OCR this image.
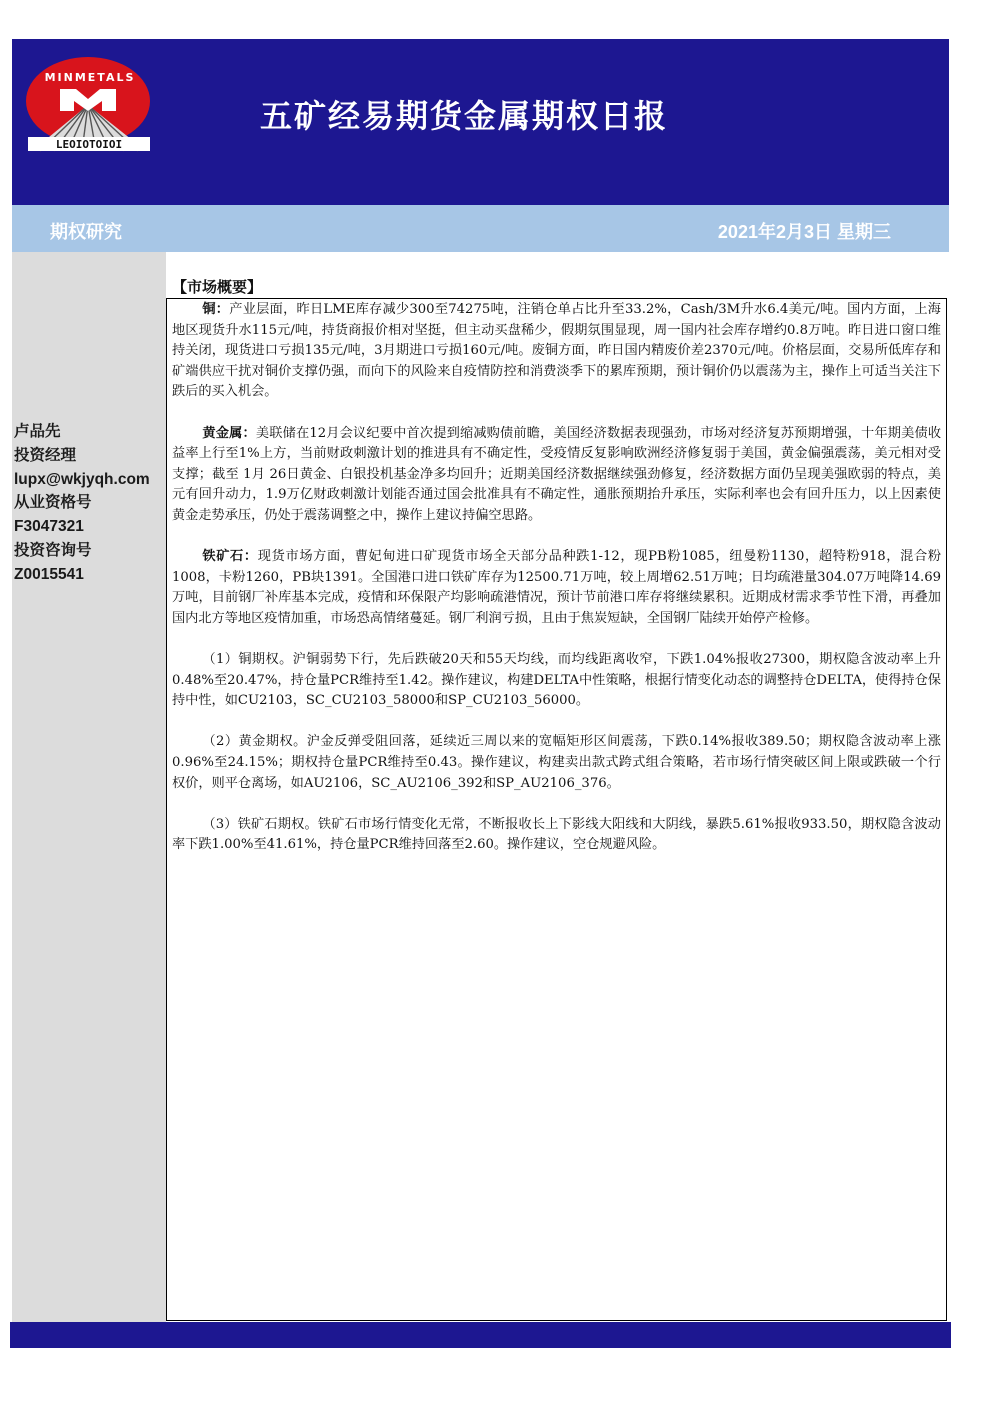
MINMETALS
LEOIOTOIOI
五矿经易期货金属期权日报
期权研究	2021年2月3日 星期三
卢品先
投资经理
lupx@wkjyqh.com
从业资格号
F3047321
投资咨询号
Z0015541
【市场概要】

铜：产业层面，昨日LME库存减少300至74275吨，注销仓单占比升至33.2%，Cash/3M升水6.4美元/吨。国内方面，上海地区现货升水115元/吨，持货商报价相对坚挺，但主动买盘稀少，假期氛围显现，周一国内社会库存增约0.8万吨。昨日进口窗口维持关闭，现货进口亏损135元/吨，3月期进口亏损160元/吨。废铜方面，昨日国内精废价差2370元/吨。价格层面，交易所低库存和矿端供应干扰对铜价支撑仍强，而向下的风险来自疫情防控和消费淡季下的累库预期，预计铜价仍以震荡为主，操作上可适当关注下跌后的买入机会。

黄金属：美联储在12月会议纪要中首次提到缩减购债前瞻，美国经济数据表现强劲，市场对经济复苏预期增强，十年期美债收益率上行至1%上方，当前财政刺激计划的推进具有不确定性，受疫情反复影响欧洲经济修复弱于美国，黄金偏强震荡，美元相对受支撑；截至 1月 26日黄金、白银投机基金净多均回升；近期美国经济数据继续强劲修复，经济数据方面仍呈现美强欧弱的特点，美元有回升动力，1.9万亿财政刺激计划能否通过国会批准具有不确定性，通胀预期抬升承压，实际利率也会有回升压力，以上因素使黄金走势承压，仍处于震荡调整之中，操作上建议持偏空思路。

铁矿石：现货市场方面，曹妃甸进口矿现货市场全天部分品种跌1-12，现PB粉1085，纽曼粉1130，超特粉918，混合粉1008，卡粉1260，PB块1391。全国港口进口铁矿库存为12500.71万吨，较上周增62.51万吨；日均疏港量304.07万吨降14.69万吨，目前钢厂补库基本完成，疫情和环保限产均影响疏港情况，预计节前港口库存将继续累积。近期成材需求季节性下滑，再叠加国内北方等地区疫情加重，市场恐高情绪蔓延。钢厂利润亏损，且由于焦炭短缺，全国钢厂陆续开始停产检修。

（1）铜期权。沪铜弱势下行，先后跌破20天和55天均线，而均线距离收窄，下跌1.04%报收27300，期权隐含波动率上升0.48%至20.47%，持仓量PCR维持至1.42。操作建议，构建DELTA中性策略，根据行情变化动态的调整持仓DELTA，使得持仓保持中性，如CU2103，SC_CU2103_58000和SP_CU2103_56000。

（2）黄金期权。沪金反弹受阻回落，延续近三周以来的宽幅矩形区间震荡，下跌0.14%报收389.50；期权隐含波动率上涨0.96%至24.15%；期权持仓量PCR维持至0.43。操作建议，构建卖出款式跨式组合策略，若市场行情突破区间上限或跌破一个行权价，则平仓离场，如AU2106，SC_AU2106_392和SP_AU2106_376。

（3）铁矿石期权。铁矿石市场行情变化无常，不断报收长上下影线大阳线和大阴线，暴跌5.61%报收933.50，期权隐含波动率下跌1.00%至41.61%，持仓量PCR维持回落至2.60。操作建议，空仓规避风险。
